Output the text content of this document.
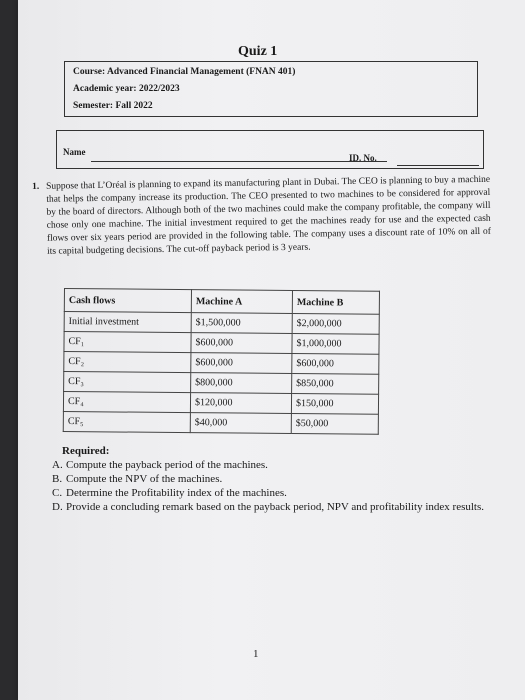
Quiz 1
Course: Advanced Financial Management (FNAN 401)
Academic year: 2022/2023
Semester: Fall 2022
Name
ID. No.
1. Suppose that L’Oréal is planning to expand its manufacturing plant in Dubai. The CEO is planning to buy a machine that helps the company increase its production. The CEO presented to two machines to be considered for approval by the board of directors. Although both of the two machines could make the company profitable, the company will chose only one machine. The initial investment required to get the machines ready for use and the expected cash flows over six years period are provided in the following table. The company uses a discount rate of 10% on all of its capital budgeting decisions. The cut-off payback period is 3 years.
Cash flows	Machine A	Machine B
Initial investment	$1,500,000	$2,000,000
CF₁	$600,000	$1,000,000
CF₂	$600,000	$600,000
CF₃	$800,000	$850,000
CF₄	$120,000	$150,000
CF₅	$40,000	$50,000
Required:
A. Compute the payback period of the machines.
B. Compute the NPV of the machines.
C. Determine the Profitability index of the machines.
D. Provide a concluding remark based on the payback period, NPV and profitability index results.
1
